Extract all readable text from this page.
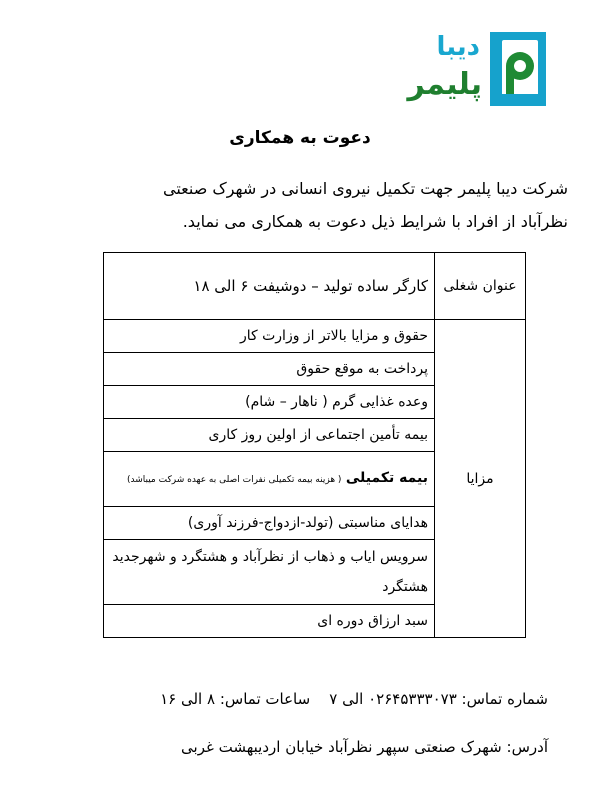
دیبا
پلیمر
دعوت به همکاری
شرکت دیبا پلیمر جهت تکمیل نیروی انسانی در شهرک صنعتی
نظرآباد از افراد با شرایط ذیل دعوت به همکاری می نماید.
عنوان شغلی	کارگر ساده تولید – دوشیفت ۶ الی ۱۸
مزایا	حقوق و مزایا بالاتر از وزارت کار
	پرداخت به موقع حقوق
	وعده غذایی گرم ( ناهار – شام)
	بیمه تأمین اجتماعی از اولین روز کاری
	بیمه تکمیلی ( هزینه بیمه تکمیلی نفرات اصلی به عهده شرکت میباشد)
	هدایای مناسبتی (تولد-ازدواج-فرزند آوری)
	سرویس ایاب و ذهاب از نظرآباد و هشتگرد و شهرجدید هشتگرد
	سبد ارزاق دوره ای
شماره تماس: ۰۲۶۴۵۳۳۳۰۷۳ الی ۷    ساعات تماس: ۸ الی ۱۶
آدرس: شهرک صنعتی سپهر نظرآباد خیابان اردیبهشت غربی
